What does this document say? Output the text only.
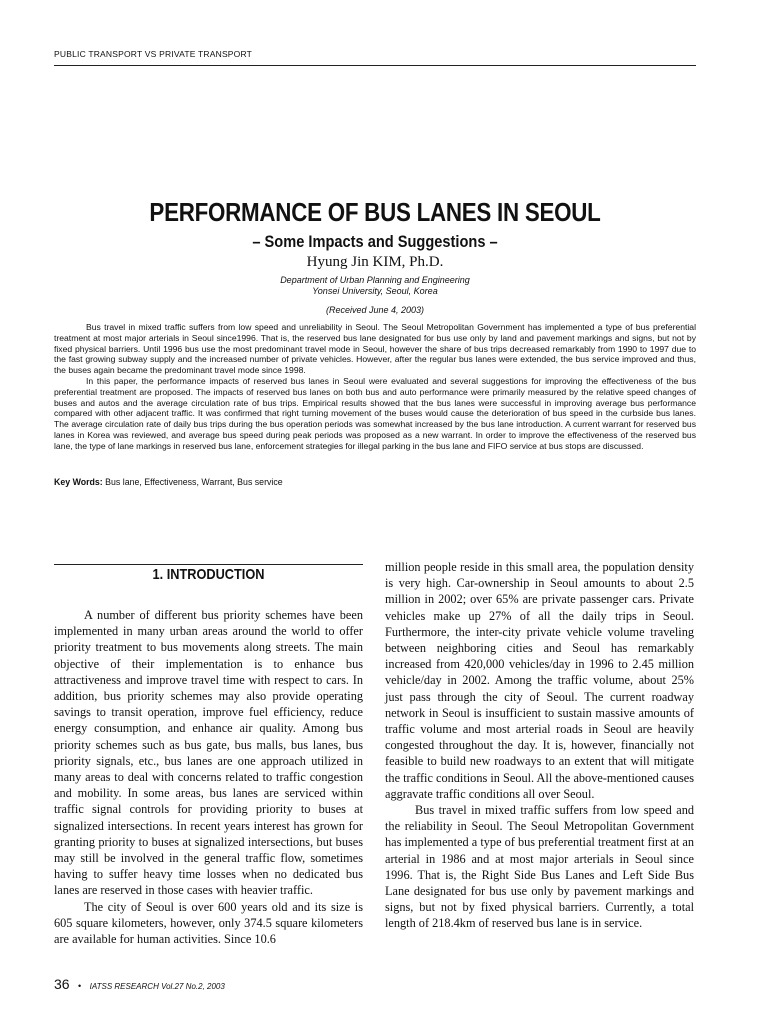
PUBLIC TRANSPORT VS PRIVATE TRANSPORT
PERFORMANCE OF BUS LANES IN SEOUL
– Some Impacts and Suggestions –
Hyung Jin KIM, Ph.D.
Department of Urban Planning and Engineering
Yonsei University, Seoul, Korea
(Received June 4, 2003)

Bus travel in mixed traffic suffers from low speed and unreliability in Seoul. The Seoul Metropolitan Government has implemented a type of bus preferential treatment at most major arterials in Seoul since1996. That is, the reserved bus lane designated for bus use only by land and pavement markings and signs, but not by fixed physical barriers. Until 1996 bus use the most predominant travel mode in Seoul, however the share of bus trips decreased remarkably from 1990 to 1997 due to the fast growing subway supply and the increased number of private vehicles. However, after the regular bus lanes were extended, the bus service improved and thus, the buses again became the predominant travel mode since 1998.

In this paper, the performance impacts of reserved bus lanes in Seoul were evaluated and several suggestions for improving the effectiveness of the bus preferential treatment are proposed. The impacts of reserved bus lanes on both bus and auto performance were primarily measured by the relative speed changes of buses and autos and the average circulation rate of bus trips. Empirical results showed that the bus lanes were successful in improving average bus performance compared with other adjacent traffic. It was confirmed that right turning movement of the buses would cause the deterioration of bus speed in the curbside bus lanes. The average circulation rate of daily bus trips during the bus operation periods was somewhat increased by the bus lane introduction. A current warrant for reserved bus lanes in Korea was reviewed, and average bus speed during peak periods was proposed as a new warrant. In order to improve the effectiveness of the reserved bus lane, the type of lane markings in reserved bus lane, enforcement strategies for illegal parking in the bus lane and FIFO service at bus stops are discussed.

Key Words: Bus lane, Effectiveness, Warrant, Bus service
1. INTRODUCTION

A number of different bus priority schemes have been implemented in many urban areas around the world to offer priority treatment to bus movements along streets. The main objective of their implementation is to enhance bus attractiveness and improve travel time with respect to cars. In addition, bus priority schemes may also provide operating savings to transit operation, improve fuel efficiency, reduce energy consumption, and enhance air quality. Among bus priority schemes such as bus gate, bus malls, bus lanes, bus priority signals, etc., bus lanes are one approach utilized in many areas to deal with concerns related to traffic congestion and mobility. In some areas, bus lanes are serviced within traffic signal controls for providing priority to buses at signalized intersections. In recent years interest has grown for granting priority to buses at signalized intersections, but buses may still be involved in the general traffic flow, sometimes having to suffer heavy time losses when no dedicated bus lanes are reserved in those cases with heavier traffic.

The city of Seoul is over 600 years old and its size is 605 square kilometers, however, only 374.5 square kilometers are available for human activities. Since 10.6

million people reside in this small area, the population density is very high. Car-ownership in Seoul amounts to about 2.5 million in 2002; over 65% are private passenger cars. Private vehicles make up 27% of all the daily trips in Seoul. Furthermore, the inter-city private vehicle volume traveling between neighboring cities and Seoul has remarkably increased from 420,000 vehicles/day in 1996 to 2.45 million vehicle/day in 2002. Among the traffic volume, about 25% just pass through the city of Seoul. The current roadway network in Seoul is insufficient to sustain massive amounts of traffic volume and most arterial roads in Seoul are heavily congested throughout the day. It is, however, financially not feasible to build new roadways to an extent that will mitigate the traffic conditions in Seoul. All the above-mentioned causes aggravate traffic conditions all over Seoul.

Bus travel in mixed traffic suffers from low speed and the reliability in Seoul. The Seoul Metropolitan Government has implemented a type of bus preferential treatment first at an arterial in 1986 and at most major arterials in Seoul since 1996. That is, the Right Side Bus Lanes and Left Side Bus Lane designated for bus use only by pavement markings and signs, but not by fixed physical barriers. Currently, a total length of 218.4km of reserved bus lane is in service.

36 • IATSS RESEARCH Vol.27 No.2, 2003
